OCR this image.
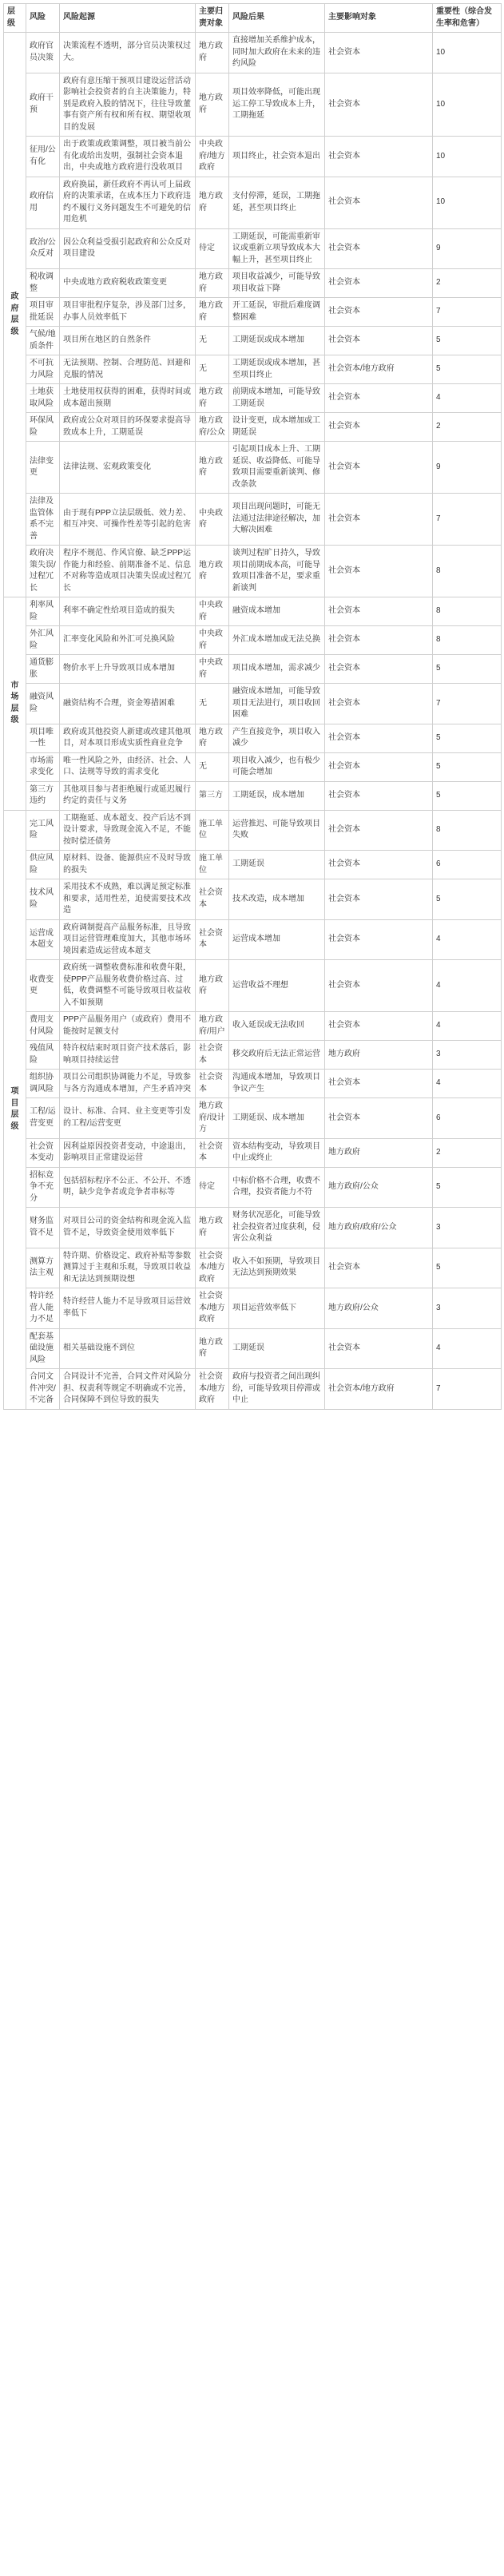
层级	风险	风险起源	主要归责对象	风险后果	主要影响对象	重要性（综合发生率和危害）
政府层级	政府官员决策	决策流程不透明，部分官员决策权过大。	地方政府	直接增加关系维护成本，同时加大政府在未来的违约风险	社会资本	10
	政府干预	政府有意压缩干预项目建设运营活动影响社会投资者的自主决策能力，特别是政府入股的情况下，往往导致董事有资产所有权和所有权、期望收项目的发展	地方政府	项目效率降低，可能出现运工停工导致成本上升，工期拖延	社会资本	10
	征用/公有化	出于政策或政策调整，项目被当前公有化或给出发明，强制社会资本退出，中央或地方政府进行没收项目	中央政府/地方政府	项目终止，社会资本退出	社会资本	10
	政府信用	政府换届，新任政府不再认可上届政府的决策承诺，在成本压力下政府违约不履行义务问题发生不可避免的信用危机	地方政府	支付停滞，延误，工期拖延，甚至项目终止	社会资本	10
	政治/公众反对	因公众利益受损引起政府和公众反对项目建设	待定	工期延误，可能需重新审议或重新立项导致成本大幅上升，甚至项目终止	社会资本	9
	税收调整	中央或地方政府税收政策变更	地方政府	项目收益减少，可能导致项目收益下降	社会资本	2
	项目审批延误	项目审批程序复杂，涉及部门过多，办事人员效率低下	地方政府	开工延误，审批后难度调整困难	社会资本	7
	气候/地质条件	项目所在地区的自然条件	无	工期延误或成本增加	社会资本	5
	不可抗力风险	无法预期、控制、合理防范、回避和克服的情况	无	工期延误或成本增加，甚至项目终止	社会资本/地方政府	5
	土地获取风险	土地使用权获得的困难，获得时间或成本超出预期	地方政府	前期成本增加，可能导致工期延误	社会资本	4
	环保风险	政府或公众对项目的环保要求提高导致成本上升，工期延误	地方政府/公众	设计变更，成本增加或工期延误	社会资本	2
	法律变更	法律法规、宏观政策变化	地方政府	引起项目成本上升、工期延误、收益降低、可能导致项目需要重新谈判、修改条款	社会资本	9
	法律及监管体系不完善	由于现有PPP立法层级低、效力差、相互冲突、可操作性差等引起的危害	中央政府	项目出现问题时，可能无法通过法律途径解决，加大解决困难	社会资本	7
	政府决策失误/过程冗长	程序不规范、作风官僚、缺乏PPP运作能力和经验、前期准备不足、信息不对称等造成项目决策失误或过程冗长	地方政府	谈判过程旷日持久，导致项目前期成本高，可能导致项目准备不足，要求重新谈判	社会资本	8
市场层级	利率风险	利率不确定性给项目造成的损失	中央政府	融资成本增加	社会资本	8
	外汇风险	汇率变化风险和外汇可兑换风险	中央政府	外汇成本增加或无法兑换	社会资本	8
	通货膨胀	物价水平上升导致项目成本增加	中央政府	项目成本增加，需求减少	社会资本	5
	融资风险	融资结构不合理，资金筹措困难	无	融资成本增加，可能导致项目无法进行，项目收回困难	社会资本	7
	项目唯一性	政府或其他投资人新建或改建其他项目，对本项目形成实质性商业竞争	地方政府	产生直接竞争，项目收入减少	社会资本	5
	市场需求变化	唯一性风险之外，由经济、社会、人口、法规等导致的需求变化	无	项目收入减少，也有极少可能会增加	社会资本	5
	第三方违约	其他项目参与者拒绝履行或延迟履行约定的责任与义务	第三方	工期延误，成本增加	社会资本	5
项目层级	完工风险	工期拖延、成本超支、投产后达不到设计要求，导致现金流入不足，不能按时偿还债务	施工单位	运营推迟、可能导致项目失败	社会资本	8
	供应风险	原材料、设备、能源供应不及时导致的损失	施工单位	工期延误	社会资本	6
	技术风险	采用技术不成熟，难以满足预定标准和要求，适用性差，迫使需要技术改造	社会资本	技术改造，成本增加	社会资本	5
	运营成本超支	政府调制提高产品服务标准，且导致项目运营管理难度加大，其他市场环境因素造成运营成本超支	社会资本	运营成本增加	社会资本	4
	收费变更	政府统一调整收费标准和收费年限，使PPP产品服务收费价格过高、过低，收费调整不可能导致项目收益收入不如预期	地方政府	运营收益不理想	社会资本	4
	费用支付风险	PPP产品服务用户（或政府）费用不能按时足额支付	地方政府/用户	收入延误或无法收回	社会资本	4
	残值风险	特许权结束时项目资产技术落后，影响项目持续运营	社会资本	移交政府后无法正常运营	地方政府	3
	组织协调风险	项目公司组织协调能力不足，导致参与各方沟通成本增加，产生矛盾冲突	社会资本	沟通成本增加，导致项目争议产生	社会资本	4
	工程/运营变更	设计、标准、合同、业主变更等引发的工程/运营变更	地方政府/设计方	工期延误、成本增加	社会资本	6
	社会资本变动	因利益原因投资者变动，中途退出，影响项目正常建设运营	社会资本	资本结构变动，导致项目中止或终止	地方政府	2
	招标竞争不充分	包括招标程序不公正、不公开、不透明，缺少竞争者或竞争者串标等	待定	中标价格不合理，收费不合理，投资者能力不符	地方政府/公众	5
	财务监管不足	对项目公司的资金结构和现金流入监管不足，导致资金使用效率低下	地方政府	财务状况恶化，可能导致社会投资者过度获利，侵害公众利益	地方政府/政府/公众	3
	测算方法主观	特许期、价格设定、政府补贴等参数测算过于主观和乐观，导致项目收益和无法达到预期设想	社会资本/地方政府	收入不如预期，导致项目无法达到预期效果	社会资本	5
	特许经营人能力不足	特许经营人能力不足导致项目运营效率低下	社会资本/地方政府	项目运营效率低下	地方政府/公众	3
	配套基础设施风险	相关基础设施不到位	地方政府	工期延误	社会资本	4
	合同文件冲突/不完备	合同设计不完善，合同文件对风险分担、权责利等规定不明确或不完善，合同保障不到位导致的损失	社会资本/地方政府	政府与投资者之间出现纠纷，可能导致项目停滞或中止	社会资本/地方政府	7
